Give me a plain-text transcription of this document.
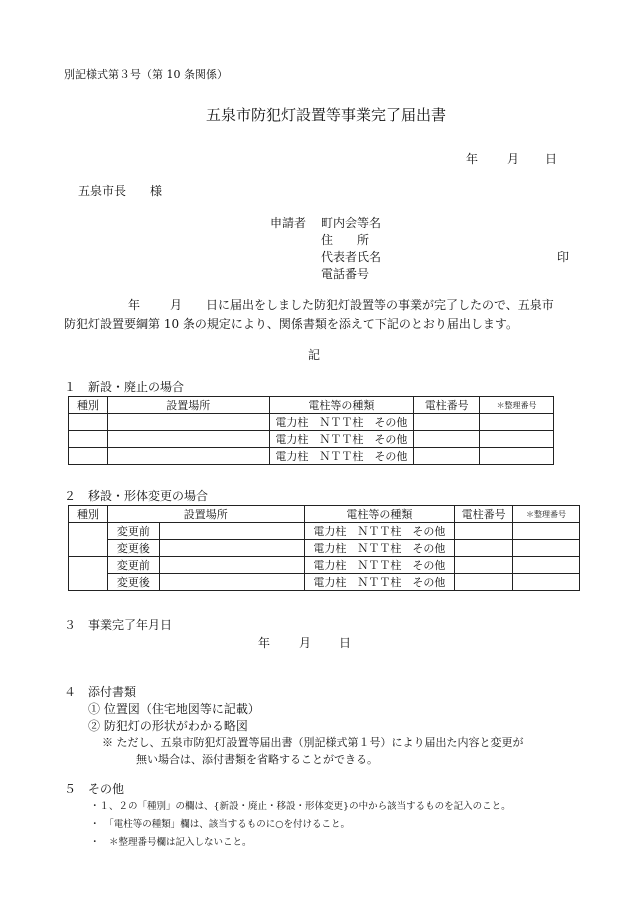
別記様式第３号（第 10 条関係）
五泉市防犯灯設置等事業完了届出書
年 月 日
五泉市長　　様
申請者 町内会等名
住　　所
代表者氏名	印
電話番号
年 月 日に届出をしました防犯灯設置等の事業が完了したので、五泉市
防犯灯設置要綱第 10 条の規定により、関係書類を添えて下記のとおり届出します。
記
１　新設・廃止の場合
種別	設置場所	電柱等の種類	電柱番号	＊整理番号
		電力柱　ＮＴＴ柱　その他		
		電力柱　ＮＴＴ柱　その他		
		電力柱　ＮＴＴ柱　その他		
２　移設・形体変更の場合
種別	設置場所		電柱等の種類	電柱番号	＊整理番号
	変更前		電力柱　ＮＴＴ柱　その他		
	変更後		電力柱　ＮＴＴ柱　その他		
	変更前		電力柱　ＮＴＴ柱　その他		
	変更後		電力柱　ＮＴＴ柱　その他		
３　事業完了年月日
年 月 日
４　添付書類
① 位置図（住宅地図等に記載）
② 防犯灯の形状がわかる略図
※ ただし、五泉市防犯灯設置等届出書（別記様式第１号）により届出た内容と変更が
無い場合は、添付書類を省略することができる。
５　その他
・１、２の「種別」の欄は、{新設・廃止・移設・形体変更}の中から該当するものを記入のこと。
・　「電柱等の種類」欄は、該当するものに○を付けること。
・　＊整理番号欄は記入しないこと。
